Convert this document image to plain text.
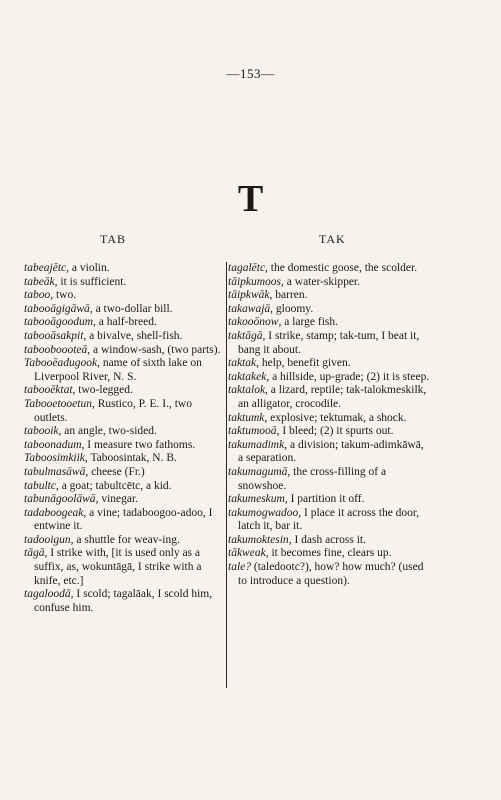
—153—
T
TAB	TAK

tabeajētc, a violin.

tabeāk, it is sufficient.

taboo, two.

tabooāgigāwā, a two-dollar bill.

tabooāgoodum, a half-breed.

tabooāsakpit, a bivalve, shell-fish.

tabooboooteā, a window-sash, (two parts).

Tabooēadugook, name of sixth lake on Liverpool River, N. S.

tabooēktat, two-legged.

Tabooetooetun, Rustico, P. E. I., two outlets.

tabooik, an angle, two-sided.

taboonadum, I measure two fathoms.

Taboosimkiik, Taboosintak, N. B.

tabulmasāwā, cheese (Fr.)

tabultc, a goat; tabultcētc, a kid.

tabunāgoolāwā, vinegar.

tadaboogeak, a vine; tadaboogoo-adoo, I entwine it.

tadooigun, a shuttle for weav-ing.

tāgā, I strike with, [it is used only as a suffix, as, wokuntāgā, I strike with a knife, etc.]

tagaloodā, I scold; tagalāak, I scold him, confuse him.

tagalētc, the domestic goose, the scolder.

tāipkumoos, a water-skipper.

tāipkwāk, barren.

takawajā, gloomy.

takooōnow, a large fish.

taktāgā, I strike, stamp; tak-tum, I beat it, bang it about.

taktak, help, benefit given.

taktakek, a hillside, up-grade; (2) it is steep.

taktalok, a lizard, reptile; tak-talokmeskilk, an alligator, crocodile.

taktumk, explosive; tektumak, a shock.

taktumooā, I bleed; (2) it spurts out.

takumadimk, a division; takum-adimkāwā, a separation.

takumagumā, the cross-filling of a snowshoe.

takumeskum, I partition it off.

takumogwadoo, I place it across the door, latch it, bar it.

takumoktesin, I dash across it.

tākweak, it becomes fine, clears up.

tale? (taledootc?), how? how much? (used to introduce a question).
